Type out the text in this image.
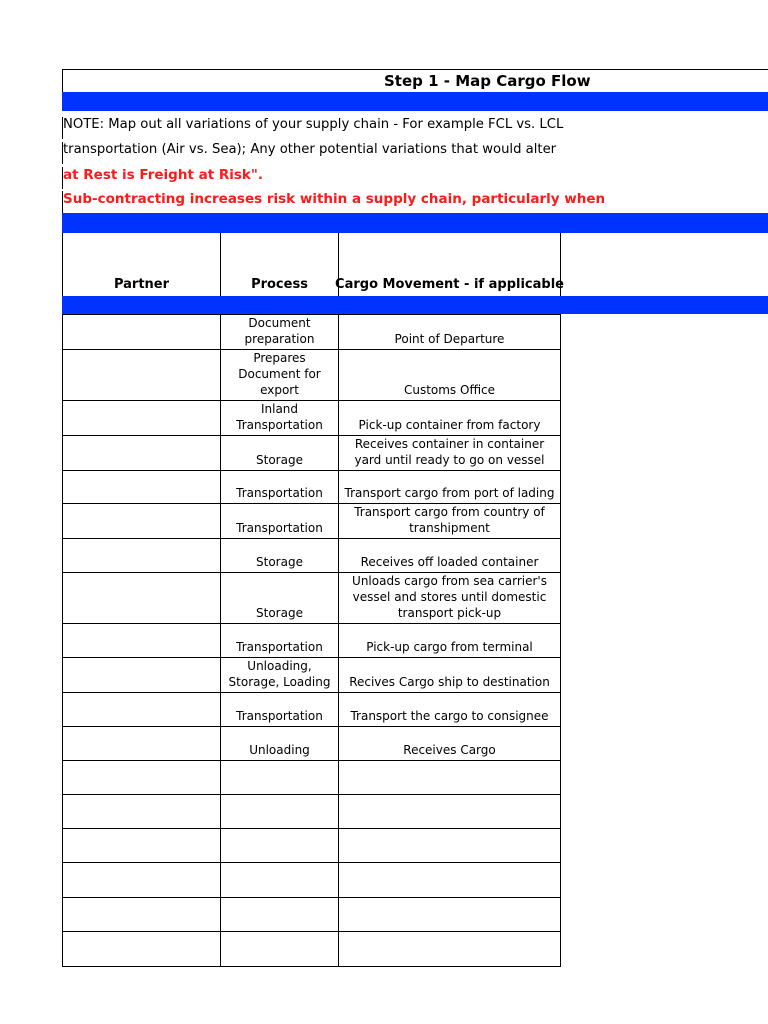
Step 1 - Map Cargo Flow
NOTE: Map out all variations of your supply chain - For example FCL vs. LCL
transportation (Air vs. Sea); Any other potential variations that would alter
at Rest is Freight at Risk".
Sub-contracting increases risk within a supply chain, particularly when
Partner	Process	Cargo Movement - if applicable
	Document preparation	Point of Departure
	Prepares Document for export	Customs Office
	Inland Transportation	Pick-up container from factory
	Storage	Receives container in container yard until ready to go on vessel
	Transportation	Transport cargo from port of lading
	Transportation	Transport cargo from country of transhipment
	Storage	Receives off loaded container
	Storage	Unloads cargo from sea carrier's vessel and stores until domestic transport pick-up
	Transportation	Pick-up cargo from terminal
	Unloading, Storage, Loading	Recives Cargo ship to destination
	Transportation	Transport the cargo to consignee
	Unloading	Receives Cargo
